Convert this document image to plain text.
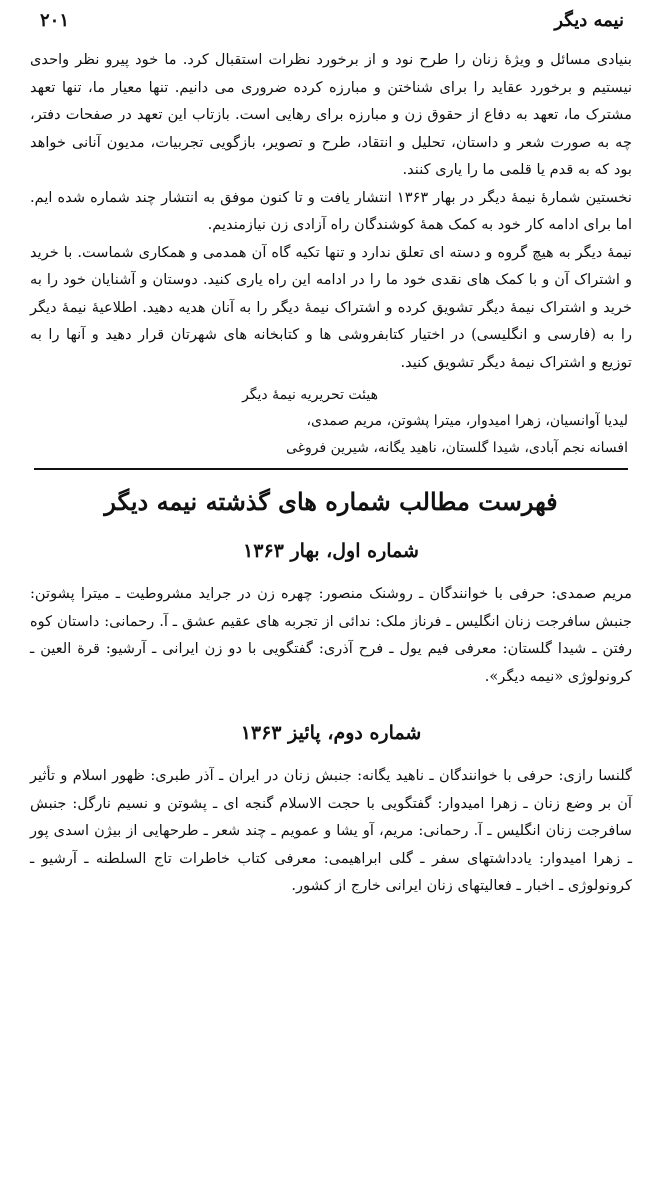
نیمه دیگر
۲۰۱

بنیادی مسائل و ویژهٔ زنان را طرح نود و از برخورد نظرات استقبال کرد. ما خود پیرو نظر واحدی نیستیم و برخورد عقاید را برای شناختن و مبارزه کرده ضروری می دانیم. تنها معیار ما، تنها تعهد مشترک ما، تعهد به دفاع از حقوق زن و مبارزه برای رهایی است. بازتاب این تعهد در صفحات دفتر، چه به صورت شعر و داستان، تحلیل و انتقاد، طرح و تصویر، بازگویی تجربیات، مدیون آنانی خواهد بود که به قدم یا قلمی ما را یاری کنند.

نخستین شمارهٔ نیمهٔ دیگر در بهار ۱۳۶۳ انتشار یافت و تا کنون موفق به انتشار چند شماره شده ایم. اما برای ادامه کار خود به کمک همهٔ کوشندگان راه آزادی زن نیازمندیم.

نیمهٔ دیگر به هیچ گروه و دسته ای تعلق ندارد و تنها تکیه گاه آن همدمی و همکاری شماست. با خرید و اشتراک آن و با کمک های نقدی خود ما را در ادامه این راه یاری کنید. دوستان و آشنایان خود را به خرید و اشتراک نیمهٔ دیگر تشویق کرده و اشتراک نیمهٔ دیگر را به آنان هدیه دهید. اطلاعیهٔ نیمهٔ دیگر را به (فارسی و انگلیسی) در اختیار کتابفروشی ها و کتابخانه های شهرتان قرار دهید و آنها را به توزیع و اشتراک نیمهٔ دیگر تشویق کنید.

هیئت تحریریه نیمهٔ دیگر
لیدیا آوانسیان، زهرا امیدوار، میترا پشوتن، مریم صمدی،
افسانه نجم آبادی، شیدا گلستان، ناهید یگانه، شیرین فروغی
فهرست مطالب شماره های گذشته نیمه دیگر
شماره اول، بهار ۱۳۶۳

مریم صمدی: حرفی با خوانندگان ـ روشنک منصور: چهره زن در جراید مشروطیت ـ میترا پشوتن: جنبش سافرجت زنان انگلیس ـ فرناز ملک: ندائی از تجربه های عقیم عشق ـ آ. رحمانی: داستان کوه رفتن ـ شیدا گلستان: معرفی فیم یول ـ فرح آذری: گفتگویی با دو زن ایرانی ـ آرشیو: قرة العین ـ کرونولوژی «نیمه دیگر».

شماره دوم، پائیز ۱۳۶۳

گلنسا رازی: حرفی با خوانندگان ـ ناهید یگانه: جنبش زنان در ایران ـ آذر طبری: ظهور اسلام و تأثیر آن بر وضع زنان ـ زهرا امیدوار: گفتگویی با حجت الاسلام گنجه ای ـ پشوتن و نسیم نارگل: جنبش سافرجت زنان انگلیس ـ آ. رحمانی: مریم، آو یشا و عمویم ـ چند شعر ـ طرحهایی از بیژن اسدی پور ـ زهرا امیدوار: یادداشتهای سفر ـ گلی ابراهیمی: معرفی کتاب خاطرات تاج السلطنه ـ آرشیو ـ کرونولوژی ـ اخبار ـ فعالیتهای زنان ایرانی خارج از کشور.
